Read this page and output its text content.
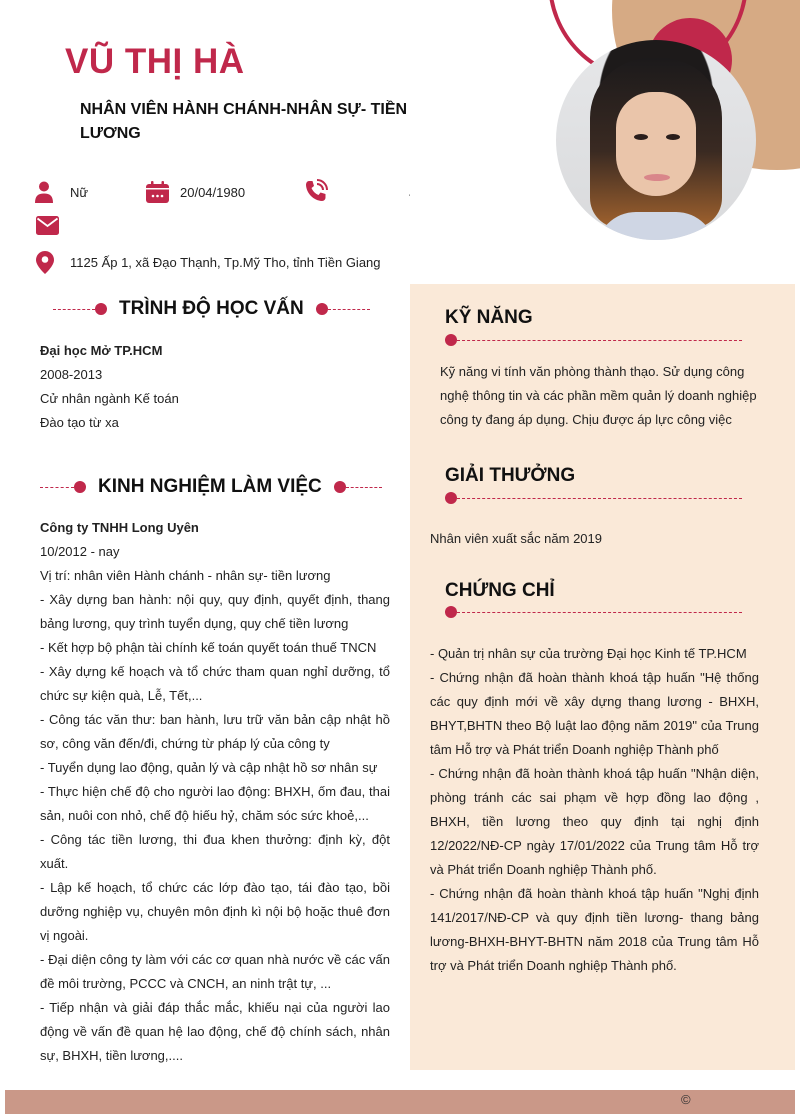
VŨ THỊ HÀ
NHÂN VIÊN HÀNH CHÁNH-NHÂN SỰ- TIỀN LƯƠNG
Nữ	20/04/1980	ˌ
1125 Ấp 1, xã Đạo Thạnh, Tp.Mỹ Tho, tỉnh Tiền Giang
TRÌNH ĐỘ HỌC VẤN
Đại học Mở TP.HCM
2008-2013
Cử nhân ngành Kế toán
Đào tạo từ xa
KINH NGHIỆM LÀM VIỆC
Công ty TNHH Long Uyên
10/2012 - nay
Vị trí: nhân viên Hành chánh - nhân sự- tiền lương

- Xây dựng ban hành: nội quy, quy định, quyết định, thang bảng lương, quy trình tuyển dụng, quy chế tiền lương

- Kết hợp bộ phận tài chính kế toán quyết toán thuế TNCN

- Xây dựng kế hoạch và tổ chức tham quan nghỉ dưỡng, tổ chức sự kiện quà, Lễ, Tết,...

- Công tác văn thư: ban hành, lưu trữ văn bản cập nhật hồ sơ, công văn đến/đi, chứng từ pháp lý của công ty

- Tuyển dụng lao động, quản lý và cập nhật hồ sơ nhân sự

- Thực hiện chế độ cho người lao động: BHXH, ốm đau, thai sản, nuôi con nhỏ, chế độ hiếu hỷ, chăm sóc sức khoẻ,...

- Công tác tiền lương, thi đua khen thưởng: định kỳ, đột xuất.

- Lập kế hoạch, tổ chức các lớp đào tạo, tái đào tạo, bồi dưỡng nghiệp vụ, chuyên môn định kì nội bộ hoặc thuê đơn vị ngoài.

- Đại diện công ty làm với các cơ quan nhà nước về các vấn đề môi trường, PCCC và CNCH, an ninh trật tự, ...

- Tiếp nhận và giải đáp thắc mắc, khiếu nại của người lao động về vấn đề quan hệ lao động, chế độ chính sách, nhân sự, BHXH, tiền lương,....

KỸ NĂNG
Kỹ năng vi tính văn phòng thành thạo. Sử dụng công nghệ thông tin và các phần mềm quản lý doanh nghiệp công ty đang áp dụng. Chịu được áp lực công việc
GIẢI THƯỞNG
Nhân viên xuất sắc năm 2019
CHỨNG CHỈ

- Quản trị nhân sự của trường Đại học Kinh tế TP.HCM

- Chứng nhận đã hoàn thành khoá tập huấn "Hệ thống các quy định mới về xây dựng thang lương - BHXH, BHYT,BHTN theo Bộ luật lao động năm 2019" của Trung tâm Hỗ trợ và Phát triển Doanh nghiệp Thành phố

- Chứng nhận đã hoàn thành khoá tập huấn "Nhận diện, phòng tránh các sai phạm về hợp đồng lao động , BHXH, tiền lương theo quy định tại nghị định 12/2022/NĐ-CP ngày 17/01/2022 của Trung tâm Hỗ trợ và Phát triển Doanh nghiệp Thành phố.

- Chứng nhận đã hoàn thành khoá tập huấn "Nghị định 141/2017/NĐ-CP và quy định tiền lương- thang bảng lương-BHXH-BHYT-BHTN năm 2018 của Trung tâm Hỗ trợ và Phát triển Doanh nghiệp Thành phố.

©
